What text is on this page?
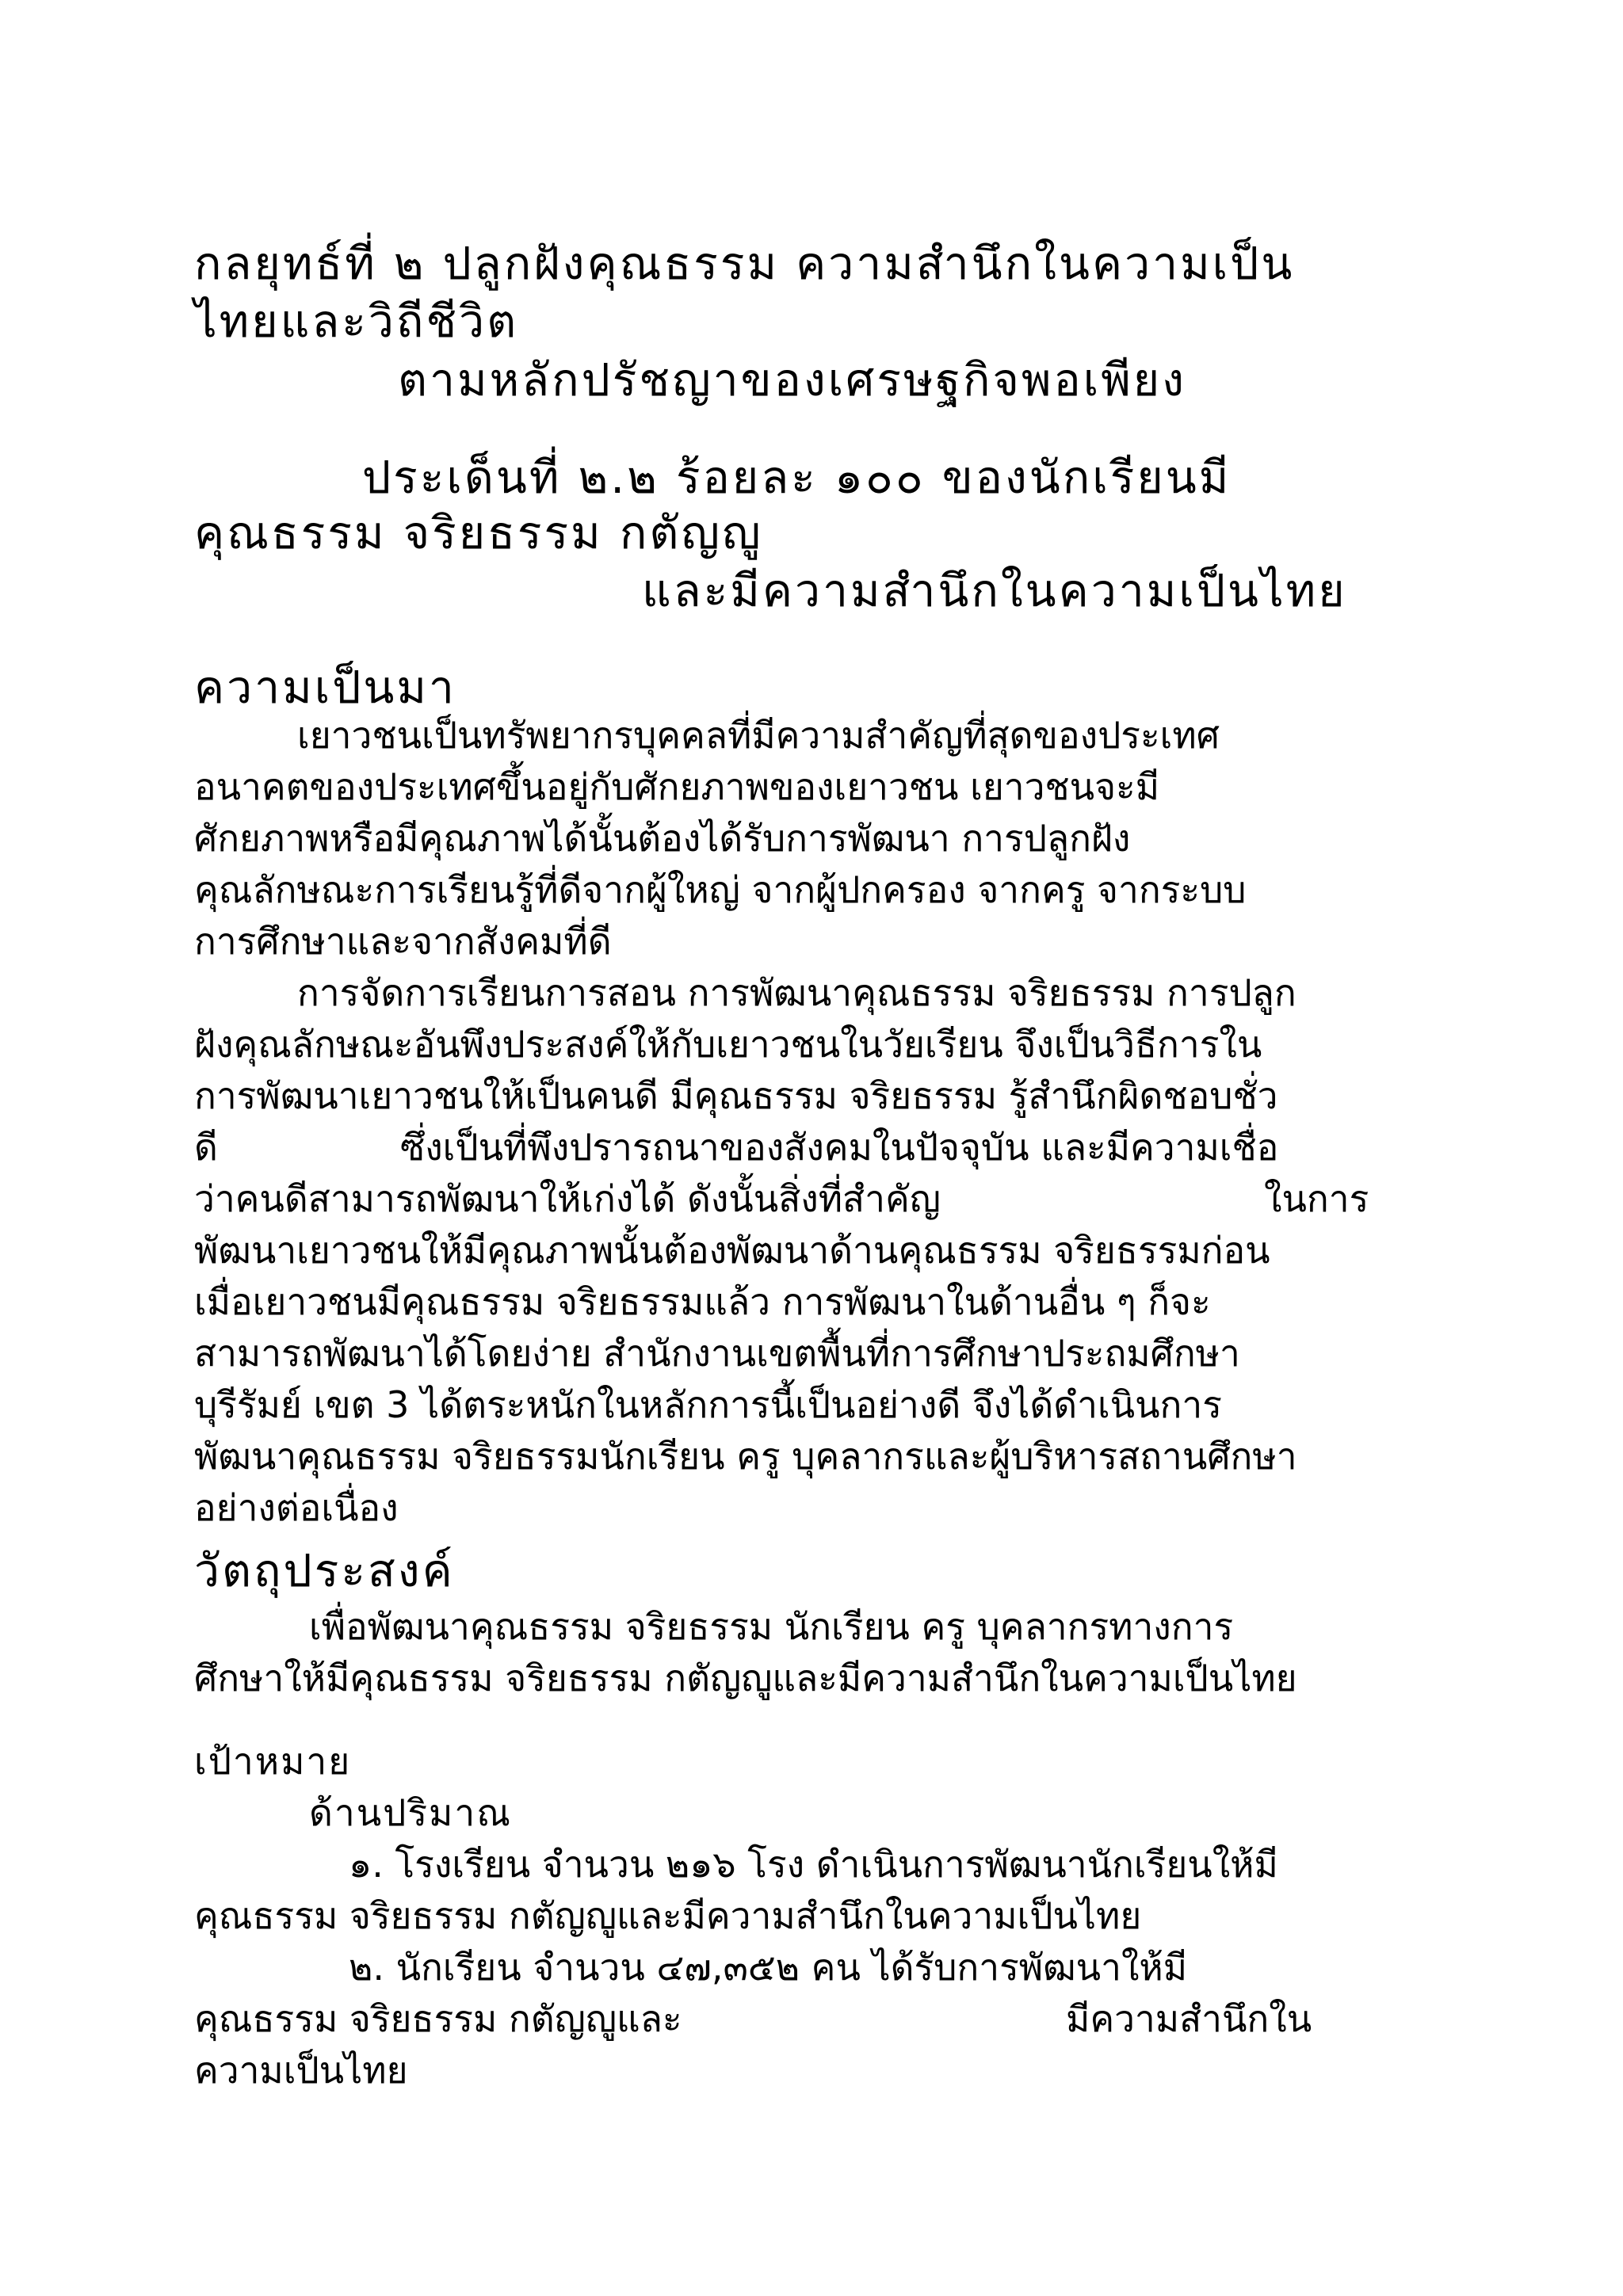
กลยุทธ์ที่ ๒ ปลูกฝังคุณธรรม ความสำนึกในความเป็น
ไทยและวิถีชีวิต
ตามหลักปรัชญาของเศรษฐกิจพอเพียง
ประเด็นที่ ๒.๒ ร้อยละ ๑๐๐ ของนักเรียนมี
คุณธรรม จริยธรรม กตัญญู
และมีความสำนึกในความเป็นไทย
ความเป็นมา
เยาวชนเป็นทรัพยากรบุคคลที่มีความสำคัญที่สุดของประเทศ
อนาคตของประเทศขึ้นอยู่กับศักยภาพของเยาวชน เยาวชนจะมี
ศักยภาพหรือมีคุณภาพได้นั้นต้องได้รับการพัฒนา การปลูกฝัง
คุณลักษณะการเรียนรู้ที่ดีจากผู้ใหญ่ จากผู้ปกครอง จากครู จากระบบ
การศึกษาและจากสังคมที่ดี
การจัดการเรียนการสอน การพัฒนาคุณธรรม จริยธรรม การปลูก
ฝังคุณลักษณะอันพึงประสงค์ให้กับเยาวชนในวัยเรียน จึงเป็นวิธีการใน
การพัฒนาเยาวชนให้เป็นคนดี มีคุณธรรม จริยธรรม รู้สำนึกผิดชอบชั่ว
ดี	ซึ่งเป็นที่พึงปรารถนาของสังคมในปัจจุบัน และมีความเชื่อ
ว่าคนดีสามารถพัฒนาให้เก่งได้ ดังนั้นสิ่งที่สำคัญ	ในการ
พัฒนาเยาวชนให้มีคุณภาพนั้นต้องพัฒนาด้านคุณธรรม จริยธรรมก่อน
เมื่อเยาวชนมีคุณธรรม จริยธรรมแล้ว การพัฒนาในด้านอื่น ๆ ก็จะ
สามารถพัฒนาได้โดยง่าย สำนักงานเขตพื้นที่การศึกษาประถมศึกษา
บุรีรัมย์ เขต 3 ได้ตระหนักในหลักการนี้เป็นอย่างดี จึงได้ดำเนินการ
พัฒนาคุณธรรม จริยธรรมนักเรียน ครู บุคลากรและผู้บริหารสถานศึกษา
อย่างต่อเนื่อง
วัตถุประสงค์
เพื่อพัฒนาคุณธรรม จริยธรรม นักเรียน ครู บุคลากรทางการ
ศึกษาให้มีคุณธรรม จริยธรรม กตัญญูและมีความสำนึกในความเป็นไทย
เป้าหมาย
ด้านปริมาณ
๑. โรงเรียน จำนวน ๒๑๖ โรง ดำเนินการพัฒนานักเรียนให้มี
คุณธรรม จริยธรรม กตัญญูและมีความสำนึกในความเป็นไทย
๒. นักเรียน จำนวน ๔๗,๓๕๒ คน ได้รับการพัฒนาให้มี
คุณธรรม จริยธรรม กตัญญูและ	มีความสำนึกใน
ความเป็นไทย
